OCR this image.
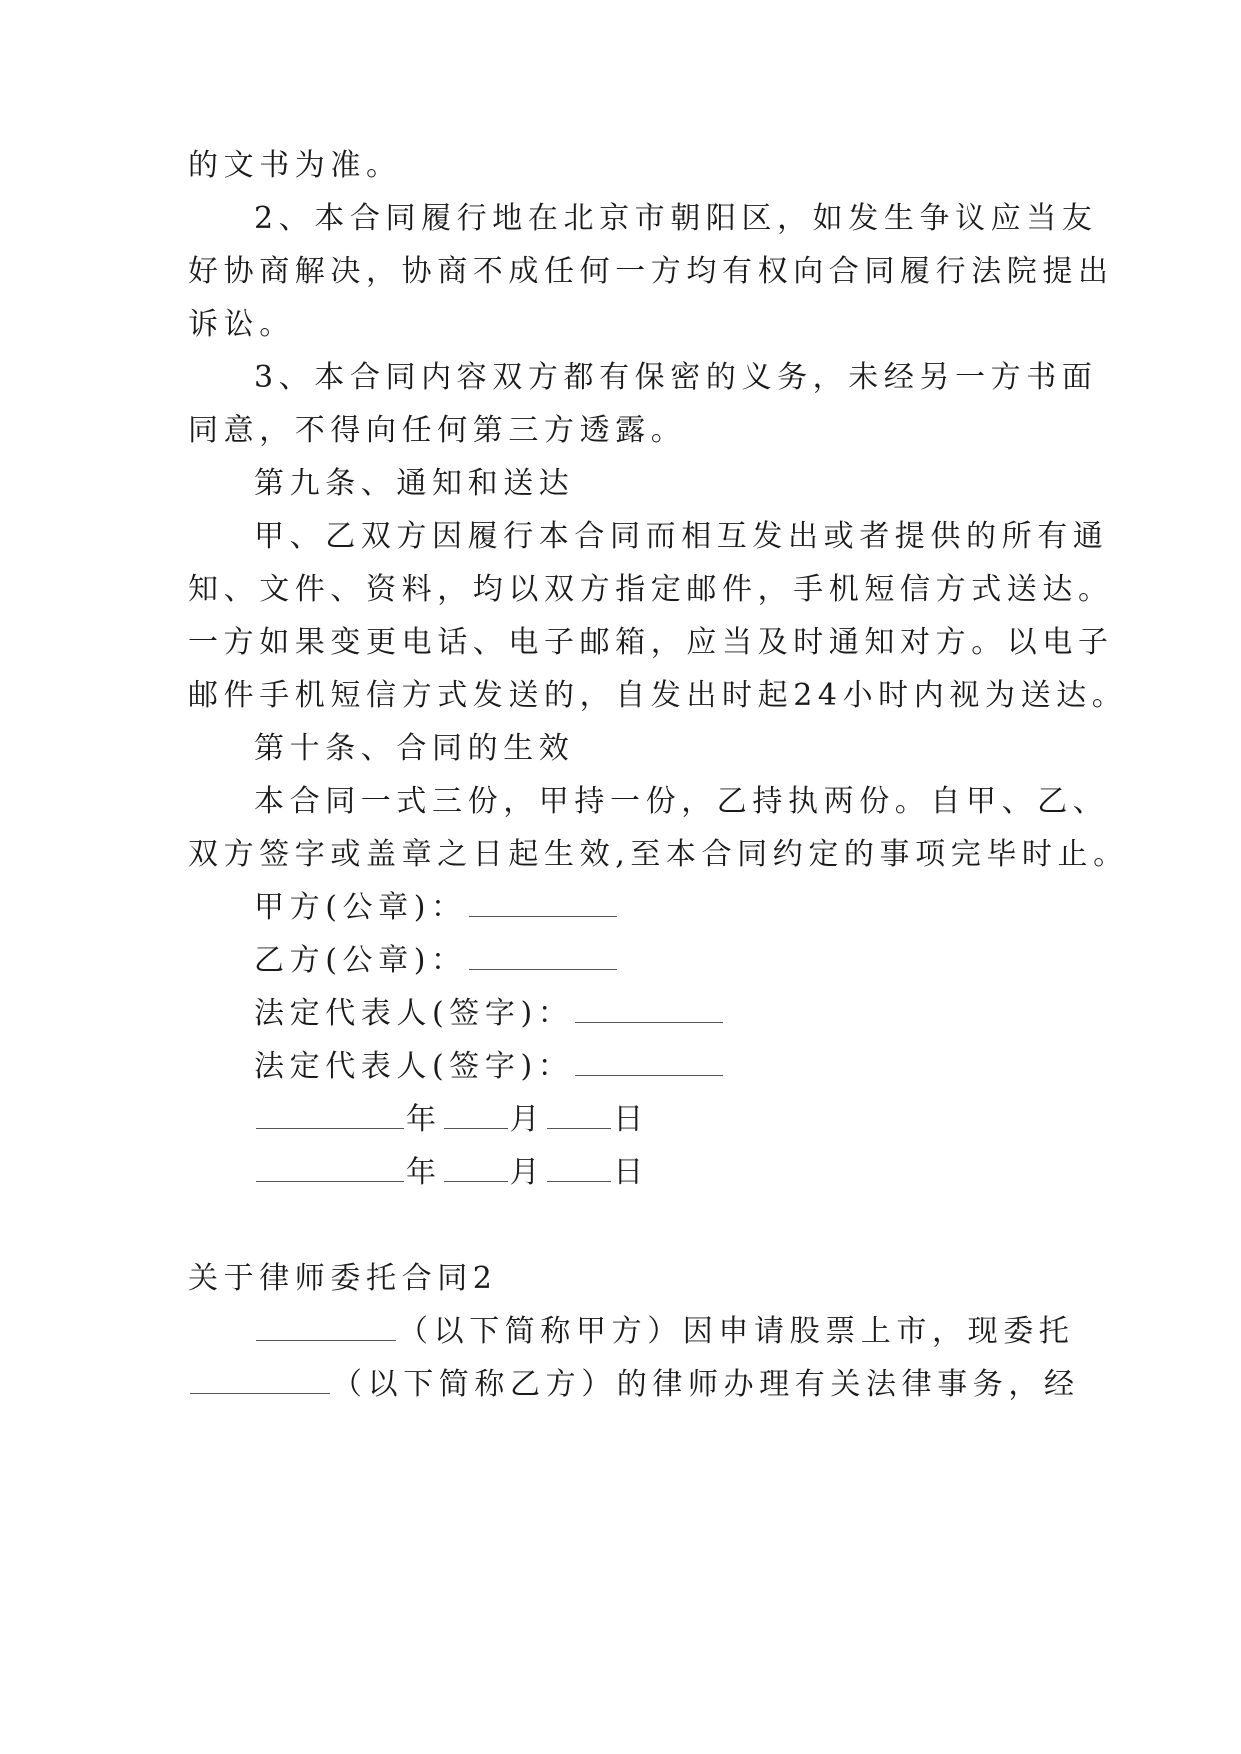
的文书为准。
2、本合同履行地在北京市朝阳区，如发生争议应当友
好协商解决，协商不成任何一方均有权向合同履行法院提出
诉讼。
3、本合同内容双方都有保密的义务，未经另一方书面
同意，不得向任何第三方透露。
第九条、通知和送达
甲、乙双方因履行本合同而相互发出或者提供的所有通
知、文件、资料，均以双方指定邮件，手机短信方式送达。
一方如果变更电话、电子邮箱，应当及时通知对方。以电子
邮件手机短信方式发送的，自发出时起24小时内视为送达。
第十条、合同的生效
本合同一式三份，甲持一份，乙持执两份。自甲、乙、
双方签字或盖章之日起生效,至本合同约定的事项完毕时止。
甲方(公章)：
乙方(公章)：
法定代表人(签字)：
法定代表人(签字)：
年 月 日
年 月 日
关于律师委托合同2
（以下简称甲方）因申请股票上市，现委托
（以下简称乙方）的律师办理有关法律事务，经
